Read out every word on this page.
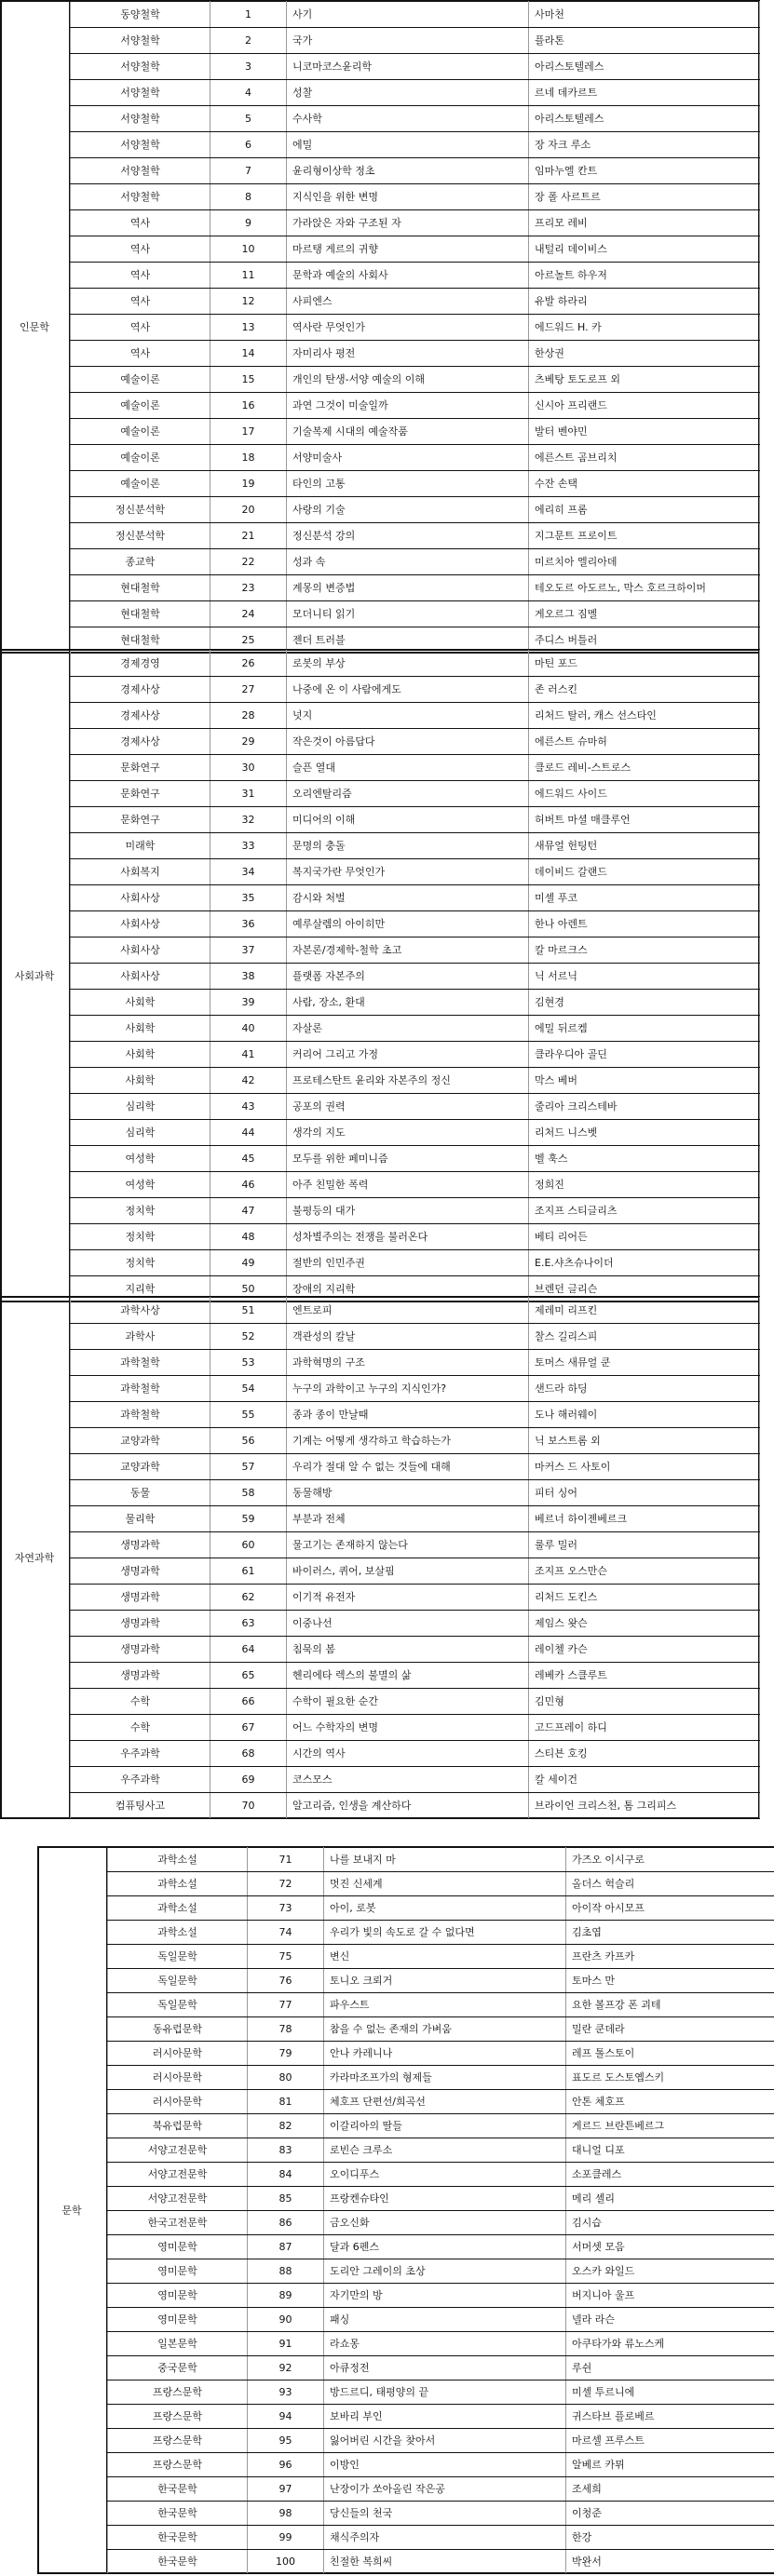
인문학
동양철학	1	사기	사마천
서양철학	2	국가	플라톤
서양철학	3	니코마코스윤리학	아리스토텔레스
서양철학	4	성찰	르네 데카르트
서양철학	5	수사학	아리스토텔레스
서양철학	6	에밀	장 자크 루소
서양철학	7	윤리형이상학 정초	임마누엘 칸트
서양철학	8	지식인을 위한 변명	장 폴 사르트르
역사	9	가라앉은 자와 구조된 자	프리모 레비
역사	10	마르탱 게르의 귀향	내털리 데이비스
역사	11	문학과 예술의 사회사	아르놀트 하우저
역사	12	사피엔스	유발 하라리
역사	13	역사란 무엇인가	에드워드 H. 카
역사	14	자미리사 평전	한상권
예술이론	15	개인의 탄생-서양 예술의 이해	츠베탕 토도로프 외
예술이론	16	과연 그것이 미술일까	신시아 프리랜드
예술이론	17	기술복제 시대의 예술작품	발터 벤야민
예술이론	18	서양미술사	에른스트 곰브리치
예술이론	19	타인의 고통	수잔 손택
정신분석학	20	사랑의 기술	에리히 프롬
정신분석학	21	정신분석 강의	지그문트 프로이트
종교학	22	성과 속	미르치아 엘리아데
현대철학	23	계몽의 변증법	테오도르 아도르노, 막스 호르크하이머
현대철학	24	모더니티 읽기	게오르그 짐멜
현대철학	25	젠더 트러블	주디스 버틀러
사회과학
경제경영	26	로봇의 부상	마틴 포드
경제사상	27	나중에 온 이 사람에게도	존 러스킨
경제사상	28	넛지	리처드 탈러, 캐스 선스타인
경제사상	29	작은것이 아름답다	에른스트 슈마허
문화연구	30	슬픈 열대	클로드 레비-스트로스
문화연구	31	오리엔탈리즘	에드워드 사이드
문화연구	32	미디어의 이해	허버트 마셜 매클루언
미래학	33	문명의 충돌	새뮤얼 헌팅턴
사회복지	34	복지국가란 무엇인가	데이비드 갈랜드
사회사상	35	감시와 처벌	미셸 푸코
사회사상	36	예루살렘의 아이히만	한나 아렌트
사회사상	37	자본론/경제학-철학 초고	칼 마르크스
사회사상	38	플랫폼 자본주의	닉 서르닉
사회학	39	사람, 장소, 환대	김현경
사회학	40	자살론	에밀 뒤르켐
사회학	41	커리어 그리고 가정	클라우디아 골딘
사회학	42	프로테스탄트 윤리와 자본주의 정신	막스 베버
심리학	43	공포의 권력	줄리아 크리스테바
심리학	44	생각의 지도	리처드 니스벳
여성학	45	모두를 위한 페미니즘	벨 훅스
여성학	46	아주 친밀한 폭력	정희진
정치학	47	불평등의 대가	조지프 스티글리츠
정치학	48	성차별주의는 전쟁을 불러온다	베티 리어든
정치학	49	절반의 인민주권	E.E.샤츠슈나이더
지리학	50	장애의 지리학	브렌던 글리슨
자연과학
과학사상	51	엔트로피	제레미 리프킨
과학사	52	객관성의 칼날	찰스 길리스피
과학철학	53	과학혁명의 구조	토머스 새뮤얼 쿤
과학철학	54	누구의 과학이고 누구의 지식인가?	샌드라 하딩
과학철학	55	종과 종이 만날때	도나 해러웨이
교양과학	56	기계는 어떻게 생각하고 학습하는가	닉 보스트롬 외
교양과학	57	우리가 절대 알 수 없는 것들에 대해	마커스 드 사토이
동물	58	동물해방	피터 싱어
물리학	59	부분과 전체	베르너 하이젠베르크
생명과학	60	물고기는 존재하지 않는다	룰루 밀러
생명과학	61	바이러스, 퀴어, 보살핌	조지프 오스만슨
생명과학	62	이기적 유전자	리처드 도킨스
생명과학	63	이중나선	제임스 왓슨
생명과학	64	침묵의 봄	레이첼 카슨
생명과학	65	헨리에타 렉스의 불멸의 삶	레베카 스클루트
수학	66	수학이 필요한 순간	김민형
수학	67	어느 수학자의 변명	고드프레이 하디
우주과학	68	시간의 역사	스티븐 호킹
우주과학	69	코스모스	칼 세이건
컴퓨팅사고	70	알고리즘, 인생을 계산하다	브라이언 크리스천, 톰 그리피스
문학
과학소설	71	나를 보내지 마	가즈오 이시구로
과학소설	72	멋진 신세계	올더스 헉슬리
과학소설	73	아이, 로봇	아이작 아시모프
과학소설	74	우리가 빛의 속도로 갈 수 없다면	김초엽
독일문학	75	변신	프란츠 카프카
독일문학	76	토니오 크뢰거	토마스 만
독일문학	77	파우스트	요한 볼프강 폰 괴테
동유럽문학	78	참을 수 없는 존재의 가벼움	밀란 쿤데라
러시아문학	79	안나 카레니나	레프 톨스토이
러시아문학	80	카라마조프가의 형제들	표도르 도스토옙스키
러시아문학	81	체호프 단편선/희곡선	안톤 체호프
북유럽문학	82	이갈리아의 딸들	게르드 브란튼베르그
서양고전문학	83	로빈슨 크루소	대니얼 디포
서양고전문학	84	오이디푸스	소포클레스
서양고전문학	85	프랑켄슈타인	메리 셸리
한국고전문학	86	금오신화	김시습
영미문학	87	달과 6펜스	서머셋 모음
영미문학	88	도리안 그레이의 초상	오스카 와일드
영미문학	89	자기만의 방	버지니아 울프
영미문학	90	패싱	넬라 라슨
일본문학	91	라쇼몽	아쿠타가와 류노스케
중국문학	92	아큐정전	루쉰
프랑스문학	93	방드르디, 태평양의 끝	미셸 투르니에
프랑스문학	94	보바리 부인	귀스타브 플로베르
프랑스문학	95	잃어버린 시간을 찾아서	마르셀 프루스트
프랑스문학	96	이방인	알베르 카뮈
한국문학	97	난장이가 쏘아올린 작은공	조세희
한국문학	98	당신들의 천국	이청준
한국문학	99	채식주의자	한강
한국문학	100	친절한 복희씨	박완서
